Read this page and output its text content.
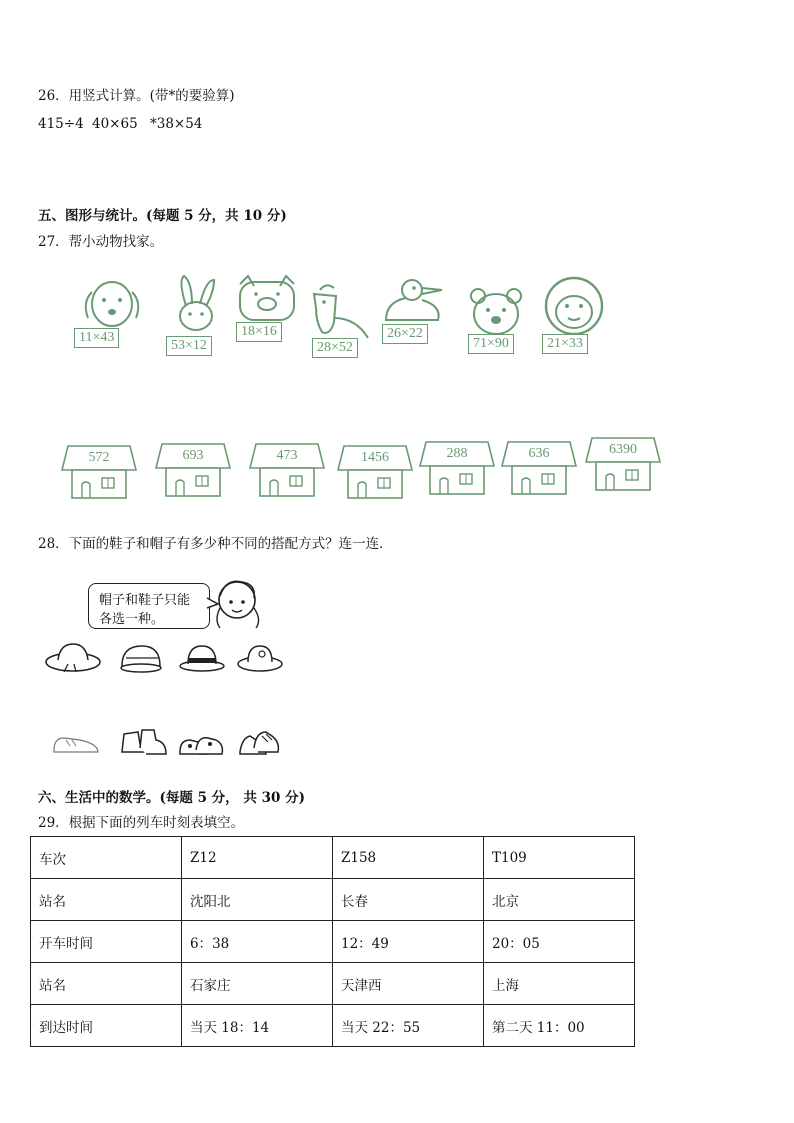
26．用竖式计算。(带*的要验算)
415÷4 40×65 *38×54
五、图形与统计。(每题 5 分，共 10 分)
27．帮小动物找家。
11×43
53×12
18×16
28×52
26×22
71×90	21×33
572	693	473	1456	288	636	6390
28．下面的鞋子和帽子有多少种不同的搭配方式？连一连．
帽子和鞋子只能
各选一种。
六、生活中的数学。(每题 5 分， 共 30 分)
29．根据下面的列车时刻表填空。
车次	Z12	Z158	T109
站名	沈阳北	长春	北京
开车时间	6：38	12：49	20：05
站名	石家庄	天津西	上海
到达时间	当天 18：14	当天 22：55	第二天 11：00
